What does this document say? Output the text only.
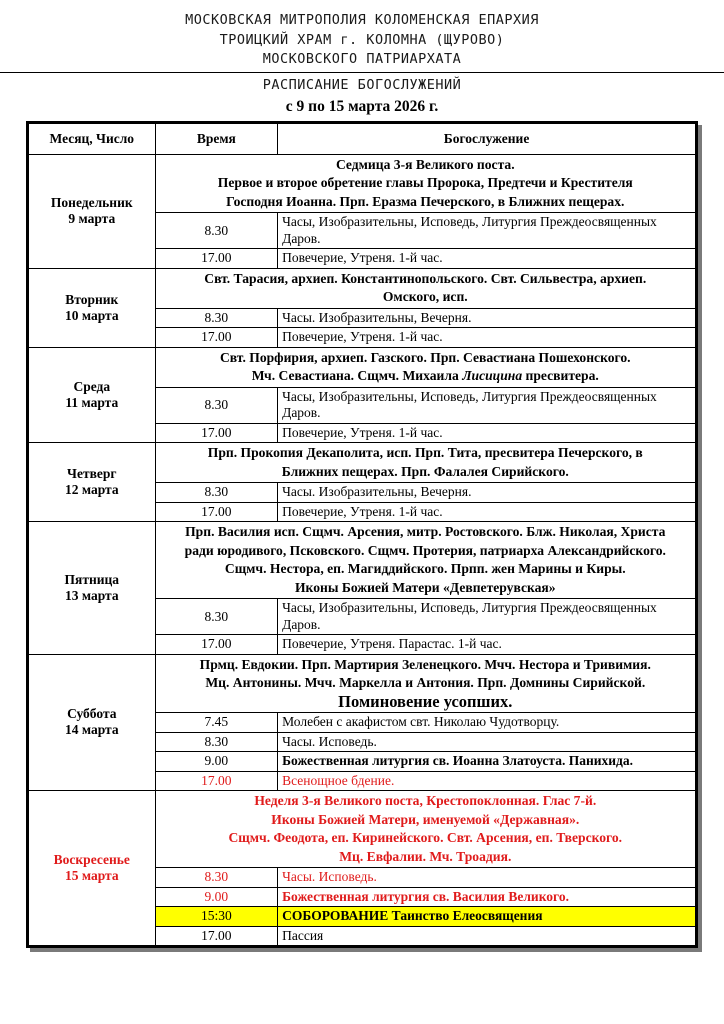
МОСКОВСКАЯ МИТРОПОЛИЯ КОЛОМЕНСКАЯ ЕПАРХИЯ
ТРОИЦКИЙ ХРАМ г. КОЛОМНА (ЩУРОВО)
МОСКОВСКОГО ПАТРИАРХАТА
РАСПИСАНИЕ БОГОСЛУЖЕНИЙ
с 9 по 15 марта 2026 г.
Месяц, Число	Время	Богослужение

Понедельник
9 марта	Седмица 3-я Великого поста.
Первое и второе обретение главы Пророка, Предтечи и Крестителя
Господня Иоанна. Прп. Еразма Печерского, в Ближних пещерах.	

	8.30	Часы, Изобразительны, Исповедь, Литургия Преждеосвященных Даров.
	17.00	Повечерие, Утреня. 1-й час.

Вторник
10 марта	Свт. Тарасия, архиеп. Константинопольского. Свт. Сильвестра, архиеп.
Омского, исп.	

	8.30	Часы. Изобразительны, Вечерня.
	17.00	Повечерие, Утреня. 1-й час.

Среда
11 марта	Свт. Порфирия, архиеп. Газского. Прп. Севастиана Пошехонского.
Мч. Севастиана. Сщмч. Михаила Лисицина пресвитера.	

	8.30	Часы, Изобразительны, Исповедь, Литургия Преждеосвященных Даров.
	17.00	Повечерие, Утреня. 1-й час.

Четверг
12 марта	Прп. Прокопия Декаполита, исп. Прп. Тита, пресвитера Печерского, в
Ближних пещерах. Прп. Фалалея Сирийского.	

	8.30	Часы. Изобразительны, Вечерня.
	17.00	Повечерие, Утреня. 1-й час.

Пятница
13 марта	Прп. Василия исп. Сщмч. Арсения, митр. Ростовского. Блж. Николая, Христа
ради юродивого, Псковского. Сщмч. Протерия, патриарха Александрийского.
Сщмч. Нестора, еп. Магиддийского. Прпп. жен Марины и Киры.
Иконы Божией Матери «Девпетерувская»	

	8.30	Часы, Изобразительны, Исповедь, Литургия Преждеосвященных Даров.
	17.00	Повечерие, Утреня. Парастас. 1-й час.

Суббота
14 марта	Прмц. Евдокии. Прп. Мартирия Зеленецкого. Мчч. Нестора и Тривимия.
Мц. Антонины. Мчч. Маркелла и Антония. Прп. Домнины Сирийской.
Поминовение усопших.	

	7.45	Молебен с акафистом свт. Николаю Чудотворцу.
	8.30	Часы. Исповедь.
	9.00	Божественная литургия св. Иоанна Златоуста. Панихида.
	17.00	Всенощное бдение.

Воскресенье
15 марта	Неделя 3-я Великого поста, Крестопоклонная. Глас 7-й.
Иконы Божией Матери, именуемой «Державная».
Сщмч. Феодота, еп. Киринейского. Свт. Арсения, еп. Тверского.
Мц. Евфалии. Мч. Троадия.	

	8.30	Часы. Исповедь.
	9.00	Божественная литургия св. Василия Великого.
	15:30	СОБОРОВАНИЕ Таинство Елеосвящения
	17.00	Пассия
